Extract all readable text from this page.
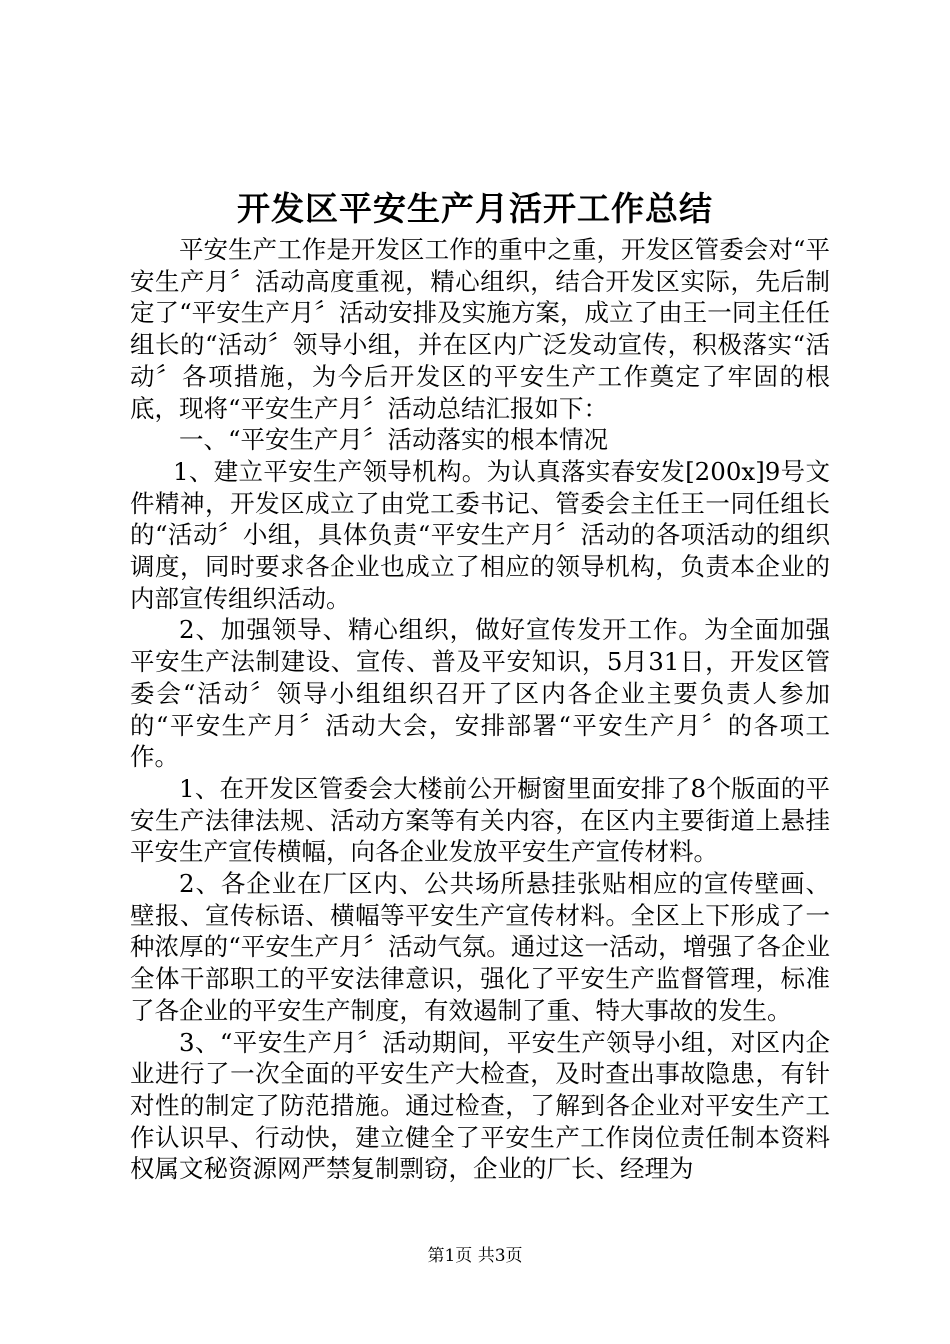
开发区平安生产月活开工作总结

平安生产工作是开发区工作的重中之重，开发区管委会对“平安生产月〞活动高度重视，精心组织，结合开发区实际，先后制定了“平安生产月〞活动安排及实施方案，成立了由王一同主任任组长的“活动〞领导小组，并在区内广泛发动宣传，积极落实“活动〞各项措施，为今后开发区的平安生产工作奠定了牢固的根底，现将“平安生产月〞活动总结汇报如下：

一、“平安生产月〞活动落实的根本情况

1、建立平安生产领导机构。为认真落实春安发[200x]9号文件精神，开发区成立了由党工委书记、管委会主任王一同任组长的“活动〞小组，具体负责“平安生产月〞活动的各项活动的组织调度，同时要求各企业也成立了相应的领导机构，负责本企业的内部宣传组织活动。

2、加强领导、精心组织，做好宣传发开工作。为全面加强平安生产法制建设、宣传、普及平安知识，5月31日，开发区管委会“活动〞领导小组组织召开了区内各企业主要负责人参加的“平安生产月〞活动大会，安排部署“平安生产月〞的各项工作。

1、在开发区管委会大楼前公开橱窗里面安排了8个版面的平安生产法律法规、活动方案等有关内容，在区内主要街道上悬挂平安生产宣传横幅，向各企业发放平安生产宣传材料。

2、各企业在厂区内、公共场所悬挂张贴相应的宣传壁画、壁报、宣传标语、横幅等平安生产宣传材料。全区上下形成了一种浓厚的“平安生产月〞活动气氛。通过这一活动，增强了各企业全体干部职工的平安法律意识，强化了平安生产监督管理，标准了各企业的平安生产制度，有效遏制了重、特大事故的发生。

3、“平安生产月〞活动期间，平安生产领导小组，对区内企业进行了一次全面的平安生产大检查，及时查出事故隐患，有针对性的制定了防范措施。通过检查，了解到各企业对平安生产工作认识早、行动快，建立健全了平安生产工作岗位责任制本资料权属文秘资源网严禁复制剽窃，企业的厂长、经理为

第1页 共3页
